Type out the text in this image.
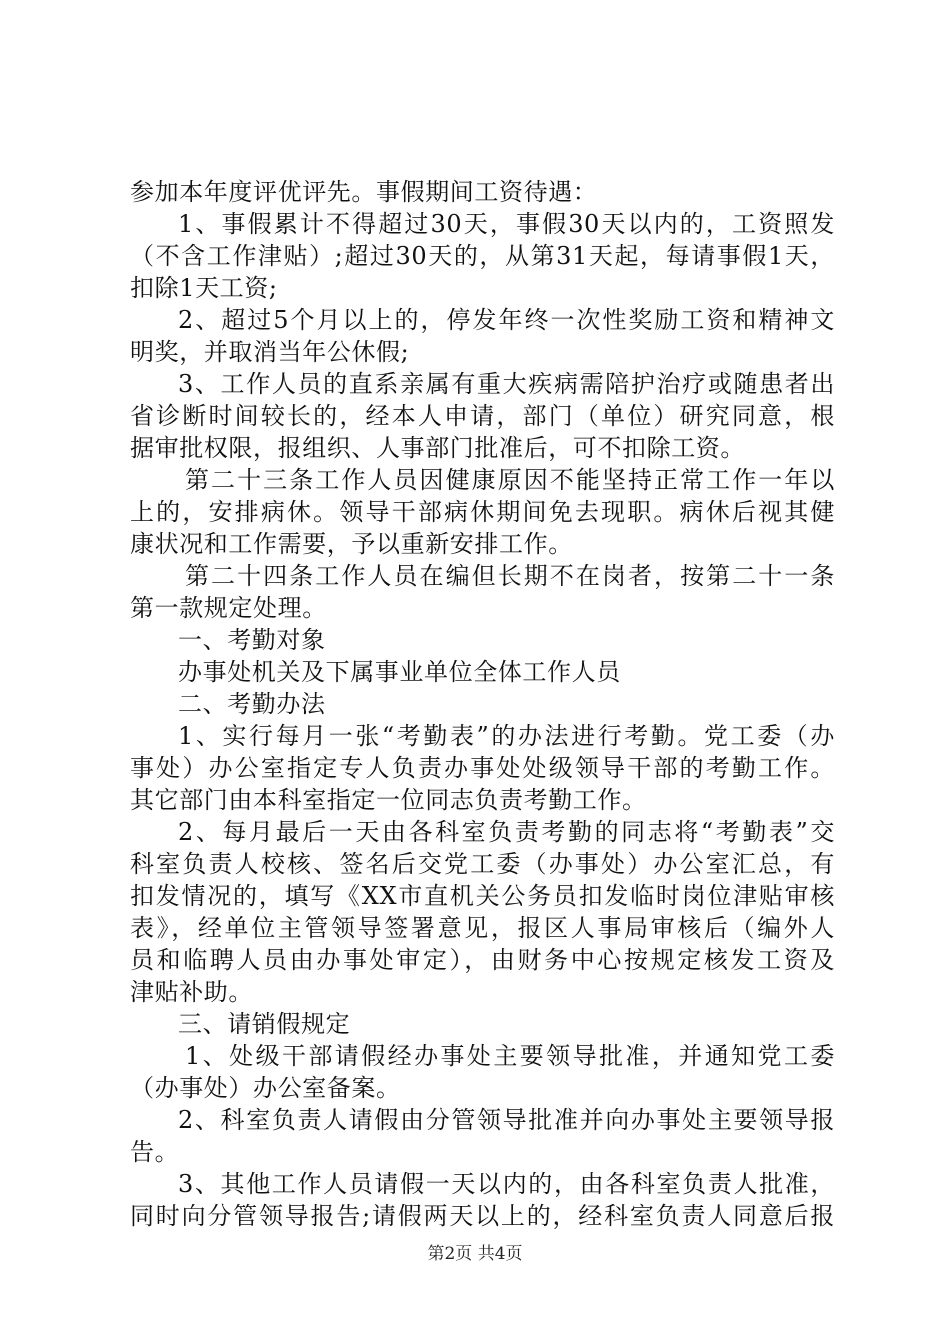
参加本年度评优评先。事假期间工资待遇：
1、事假累计不得超过30天，事假30天以内的，工资照发
（不含工作津贴）;超过30天的，从第31天起，每请事假1天，
扣除1天工资;
2、超过5个月以上的，停发年终一次性奖励工资和精神文
明奖，并取消当年公休假;
3、工作人员的直系亲属有重大疾病需陪护治疗或随患者出
省诊断时间较长的，经本人申请，部门（单位）研究同意，根
据审批权限，报组织、人事部门批准后，可不扣除工资。
第二十三条工作人员因健康原因不能坚持正常工作一年以
上的，安排病休。领导干部病休期间免去现职。病休后视其健
康状况和工作需要，予以重新安排工作。
第二十四条工作人员在编但长期不在岗者，按第二十一条
第一款规定处理。
一、考勤对象
办事处机关及下属事业单位全体工作人员
二、考勤办法
1、实行每月一张“考勤表”的办法进行考勤。党工委（办
事处）办公室指定专人负责办事处处级领导干部的考勤工作。
其它部门由本科室指定一位同志负责考勤工作。
2、每月最后一天由各科室负责考勤的同志将“考勤表”交
科室负责人校核、签名后交党工委（办事处）办公室汇总，有
扣发情况的，填写《XX市直机关公务员扣发临时岗位津贴审核
表》，经单位主管领导签署意见，报区人事局审核后（编外人
员和临聘人员由办事处审定），由财务中心按规定核发工资及
津贴补助。
三、请销假规定
1、处级干部请假经办事处主要领导批准，并通知党工委
（办事处）办公室备案。
2、科室负责人请假由分管领导批准并向办事处主要领导报
告。
3、其他工作人员请假一天以内的，由各科室负责人批准，
同时向分管领导报告;请假两天以上的，经科室负责人同意后报
第2页 共4页
